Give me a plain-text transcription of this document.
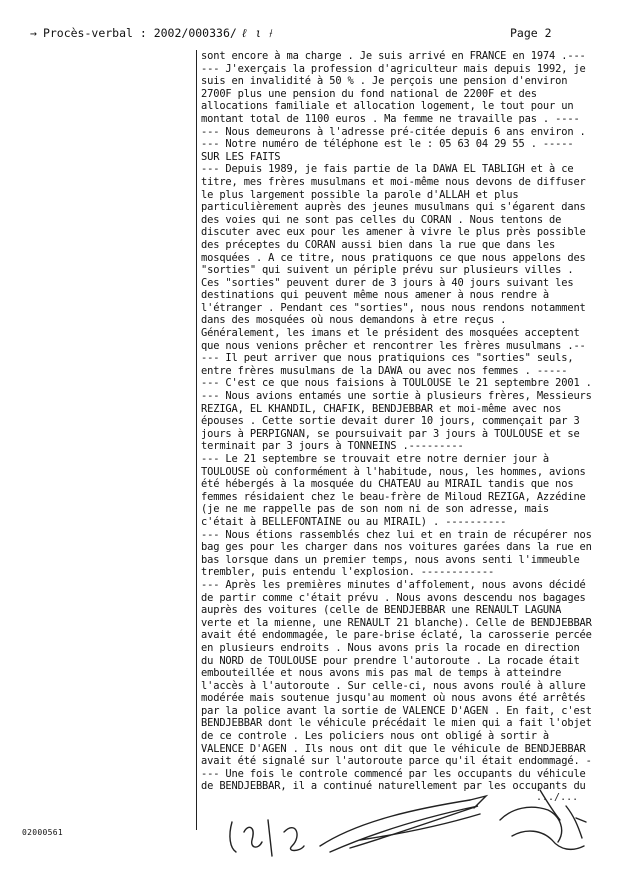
→ Procès-verbal : 2002/000336/ ℓ ι ⟊	Page 2
sont encore à ma charge . Je suis arrivé en FRANCE en 1974 .---
--- J'exerçais la profession d'agriculteur mais depuis 1992, je
suis en invalidité à 50 % . Je perçois une pension d'environ
2700F plus une pension du fond national de 2200F et des
allocations familiale et allocation logement, le tout pour un
montant total de 1100 euros . Ma femme ne travaille pas . ----
--- Nous demeurons à l'adresse pré-citée depuis 6 ans environ .
--- Notre numéro de téléphone est le : 05 63 04 29 55 . -----
SUR LES FAITS
--- Depuis 1989, je fais partie de la DAWA EL TABLIGH et à ce
titre, mes frères musulmans et moi-même nous devons de diffuser
le plus largement possible la parole d'ALLAH et plus
particulièrement auprès des jeunes musulmans qui s'égarent dans
des voies qui ne sont pas celles du CORAN . Nous tentons de
discuter avec eux pour les amener à vivre le plus près possible
des préceptes du CORAN aussi bien dans la rue que dans les
mosquées . A ce titre, nous pratiquons ce que nous appelons des
"sorties" qui suivent un périple prévu sur plusieurs villes .
Ces "sorties" peuvent durer de 3 jours à 40 jours suivant les
destinations qui peuvent même nous amener à nous rendre à
l'étranger . Pendant ces "sorties", nous nous rendons notamment
dans des mosquées où nous demandons à etre reçus .
Généralement, les imans et le président des mosquées acceptent
que nous venions prêcher et rencontrer les frères musulmans .--
--- Il peut arriver que nous pratiquions ces "sorties" seuls,
entre frères musulmans de la DAWA ou avec nos femmes . -----
--- C'est ce que nous faisions à TOULOUSE le 21 septembre 2001 .
--- Nous avions entamés une sortie à plusieurs frères, Messieurs
REZIGA, EL KHANDIL, CHAFIK, BENDJEBBAR et moi-même avec nos
épouses . Cette sortie devait durer 10 jours, commençait par 3
jours à PERPIGNAN, se poursuivait par 3 jours à TOULOUSE et se
terminait par 3 jours à TONNEINS .---------
--- Le 21 septembre se trouvait etre notre dernier jour à
TOULOUSE où conformément à l'habitude, nous, les hommes, avions
été hébergés à la mosquée du CHATEAU au MIRAIL tandis que nos
femmes résidaient chez le beau-frère de Miloud REZIGA, Azzédine
(je ne me rappelle pas de son nom ni de son adresse, mais
c'était à BELLEFONTAINE ou au MIRAIL) . ----------
--- Nous étions rassemblés chez lui et en train de récupérer nos
bag ges pour les charger dans nos voitures garées dans la rue en
bas lorsque dans un premier temps, nous avons senti l'immeuble
trembler, puis entendu l'explosion. ------------
--- Après les premières minutes d'affolement, nous avons décidé
de partir comme c'était prévu . Nous avons descendu nos bagages
auprès des voitures (celle de BENDJEBBAR une RENAULT LAGUNA
verte et la mienne, une RENAULT 21 blanche). Celle de BENDJEBBAR
avait été endommagée, le pare-brise éclaté, la carosserie percée
en plusieurs endroits . Nous avons pris la rocade en direction
du NORD de TOULOUSE pour prendre l'autoroute . La rocade était
embouteillée et nous avons mis pas mal de temps à atteindre
l'accès à l'autoroute . Sur celle-ci, nous avons roulé à allure
modérée mais soutenue jusqu'au moment où nous avons été arrêtés
par la police avant la sortie de VALENCE D'AGEN . En fait, c'est
BENDJEBBAR dont le véhicule précédait le mien qui a fait l'objet
de ce controle . Les policiers nous ont obligé à sortir à
VALENCE D'AGEN . Ils nous ont dit que le véhicule de BENDJEBBAR
avait été signalé sur l'autoroute parce qu'il était endommagé. -
--- Une fois le controle commencé par les occupants du véhicule
de BENDJEBBAR, il a continué naturellement par les occupants du
02000561
.../...
